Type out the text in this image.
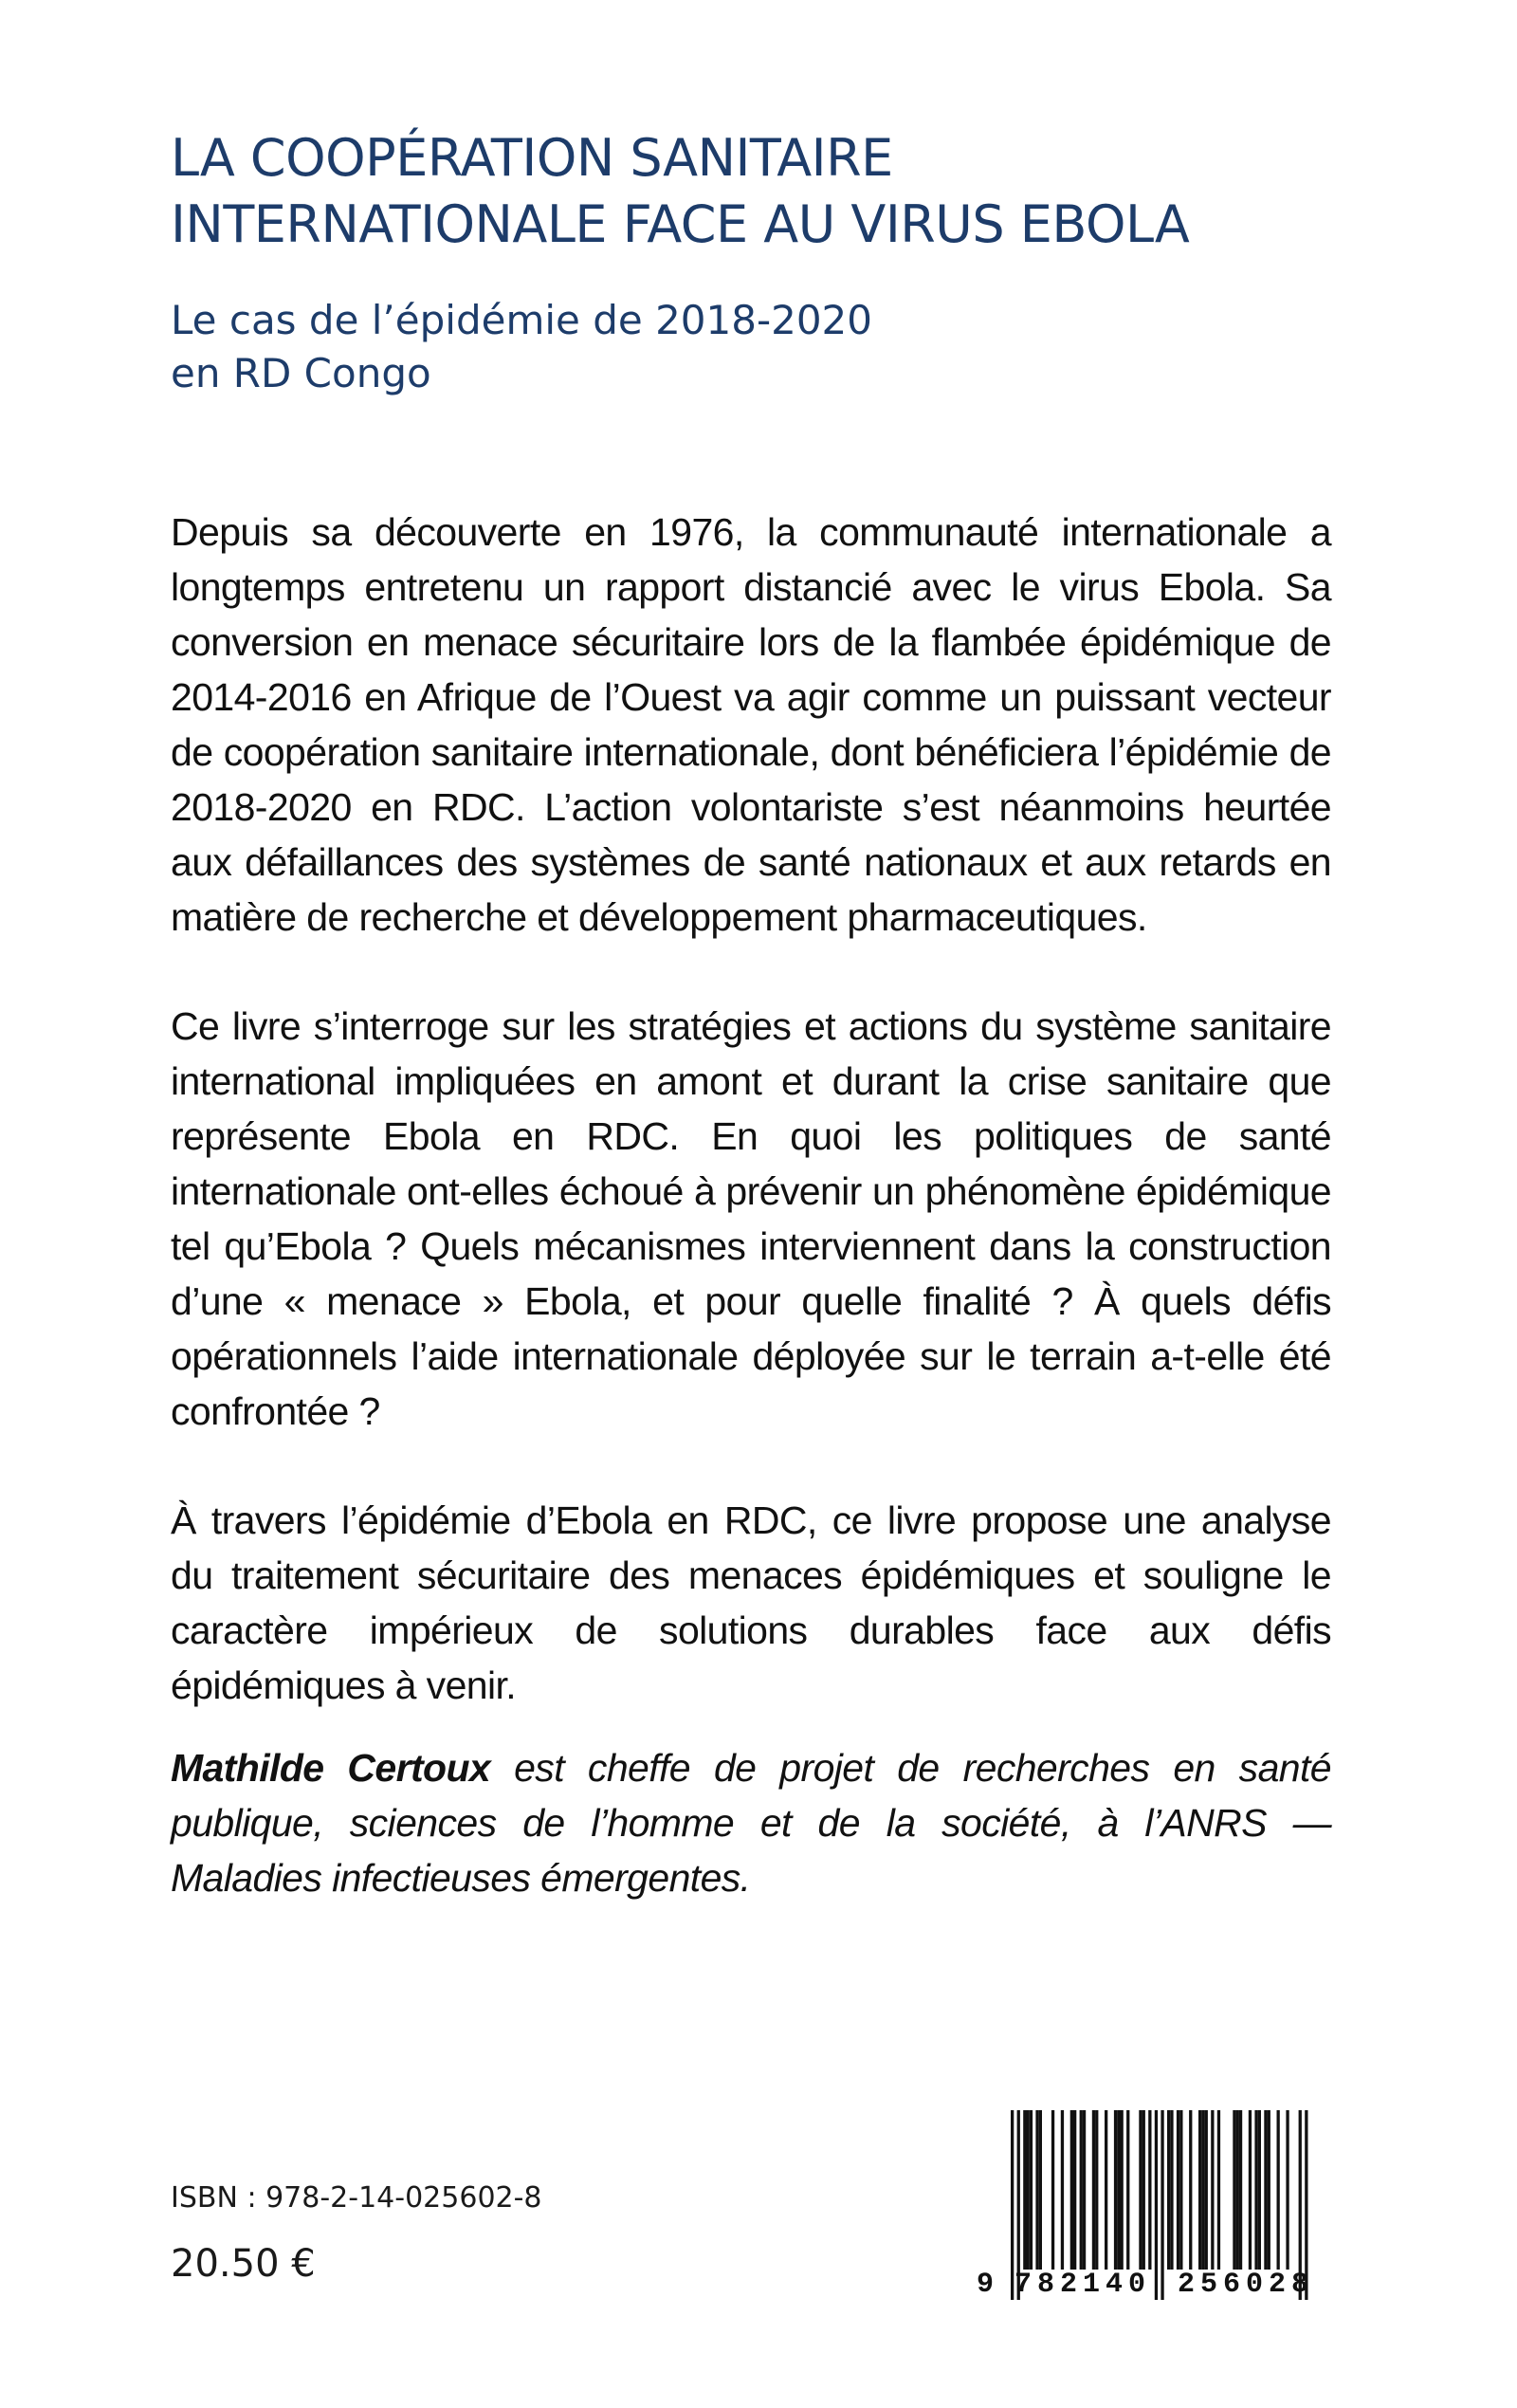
LA COOPÉRATION SANITAIRE
INTERNATIONALE FACE AU VIRUS EBOLA
Le cas de l’épidémie de 2018-2020
en RD Congo

Depuis sa découverte en 1976, la communauté internationale a longtemps entretenu un rapport distancié avec le virus Ebola. Sa conversion en menace sécuritaire lors de la flambée épidémique de 2014-2016 en Afrique de l’Ouest va agir comme un puissant vecteur de coopération sanitaire internationale, dont bénéficiera l’épidémie de 2018-2020 en RDC. L’action volontariste s’est néanmoins heurtée aux défaillances des systèmes de santé nationaux et aux retards en matière de recherche et développement pharmaceutiques.

Ce livre s’interroge sur les stratégies et actions du système sanitaire international impliquées en amont et durant la crise sanitaire que représente Ebola en RDC. En quoi les politiques de santé internationale ont-elles échoué à prévenir un phénomène épidémique tel qu’Ebola ? Quels mécanismes interviennent dans la construction d’une « menace » Ebola, et pour quelle finalité ? À quels défis opérationnels l’aide internationale déployée sur le terrain a-t-elle été confrontée ?

À travers l’épidémie d’Ebola en RDC, ce livre propose une analyse du traitement sécuritaire des menaces épidémiques et souligne le caractère impérieux de solutions durables face aux défis épidémiques à venir.

Mathilde Certoux est cheffe de projet de recherches en santé publique, sciences de l’homme et de la société, à l’ANRS — Maladies infectieuses émergentes.

ISBN : 978-2-14-025602-8
20.50 €	9 782140 256028
